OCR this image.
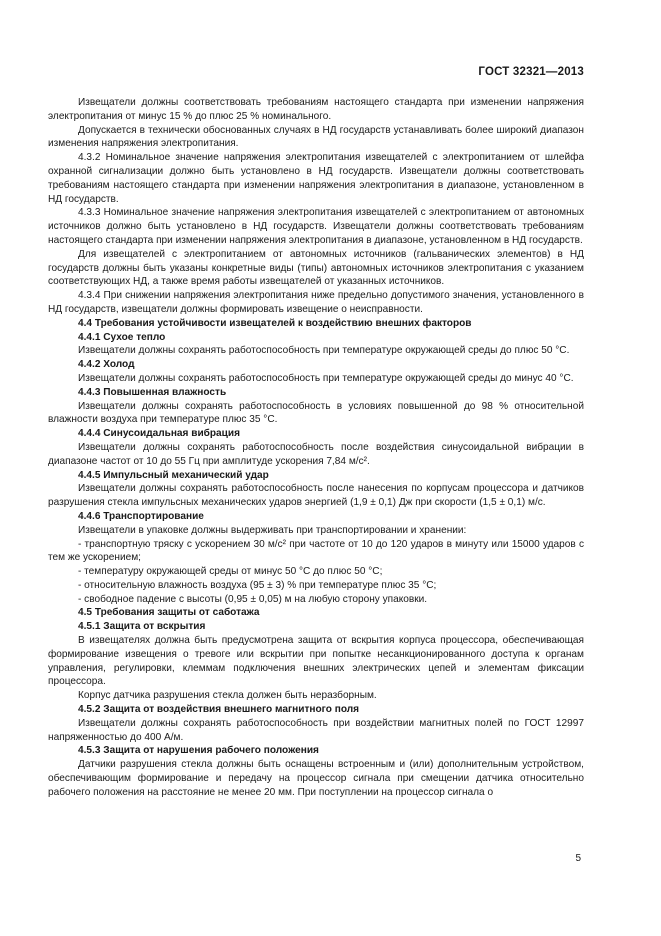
ГОСТ 32321—2013

Извещатели должны соответствовать требованиям настоящего стандарта при изменении напряжения электропитания от минус 15 % до плюс 25 % номинального.

Допускается в технически обоснованных случаях в НД государств устанавливать более широкий диапазон изменения напряжения электропитания.

4.3.2 Номинальное значение напряжения электропитания извещателей с электропитанием от шлейфа охранной сигнализации должно быть установлено в НД государств. Извещатели должны соответствовать требованиям настоящего стандарта при изменении напряжения электропитания в диапазоне, установленном в НД государств.

4.3.3 Номинальное значение напряжения электропитания извещателей с электропитанием от автономных источников должно быть установлено в НД государств. Извещатели должны соответствовать требованиям настоящего стандарта при изменении напряжения электропитания в диапазоне, установленном в НД государств.

Для извещателей с электропитанием от автономных источников (гальванических элементов) в НД государств должны быть указаны конкретные виды (типы) автономных источников электропитания с указанием соответствующих НД, а также время работы извещателей от указанных источников.

4.3.4 При снижении напряжения электропитания ниже предельно допустимого значения, установленного в НД государств, извещатели должны формировать извещение о неисправности.

4.4 Требования устойчивости извещателей к воздействию внешних факторов

4.4.1 Сухое тепло

Извещатели должны сохранять работоспособность при температуре окружающей среды до плюс 50 °С.

4.4.2 Холод

Извещатели должны сохранять работоспособность при температуре окружающей среды до минус 40 °С.

4.4.3 Повышенная влажность

Извещатели должны сохранять работоспособность в условиях повышенной до 98 % относительной влажности воздуха при температуре плюс 35 °С.

4.4.4 Синусоидальная вибрация

Извещатели должны сохранять работоспособность после воздействия синусоидальной вибрации в диапазоне частот от 10 до 55 Гц при амплитуде ускорения 7,84 м/с².

4.4.5 Импульсный механический удар

Извещатели должны сохранять работоспособность после нанесения по корпусам процессора и датчиков разрушения стекла импульсных механических ударов энергией (1,9 ± 0,1) Дж при скорости (1,5 ± 0,1) м/с.

4.4.6 Транспортирование

Извещатели в упаковке должны выдерживать при транспортировании и хранении:

- транспортную тряску с ускорением 30 м/с² при частоте от 10 до 120 ударов в минуту или 15000 ударов с тем же ускорением;

- температуру окружающей среды от минус 50 °С до плюс 50 °С;

- относительную влажность воздуха (95 ± 3) % при температуре плюс 35 °С;

- свободное падение с высоты (0,95 ± 0,05) м на любую сторону упаковки.

4.5 Требования защиты от саботажа

4.5.1 Защита от вскрытия

В извещателях должна быть предусмотрена защита от вскрытия корпуса процессора, обеспечивающая формирование извещения о тревоге или вскрытии при попытке несанкционированного доступа к органам управления, регулировки, клеммам подключения внешних электрических цепей и элементам фиксации процессора.

Корпус датчика разрушения стекла должен быть неразборным.

4.5.2 Защита от воздействия внешнего магнитного поля

Извещатели должны сохранять работоспособность при воздействии магнитных полей по ГОСТ 12997 напряженностью до 400 А/м.

4.5.3 Защита от нарушения рабочего положения

Датчики разрушения стекла должны быть оснащены встроенным и (или) дополнительным устройством, обеспечивающим формирование и передачу на процессор сигнала при смещении датчика относительно рабочего положения на расстояние не менее 20 мм. При поступлении на процессор сигнала о

5
